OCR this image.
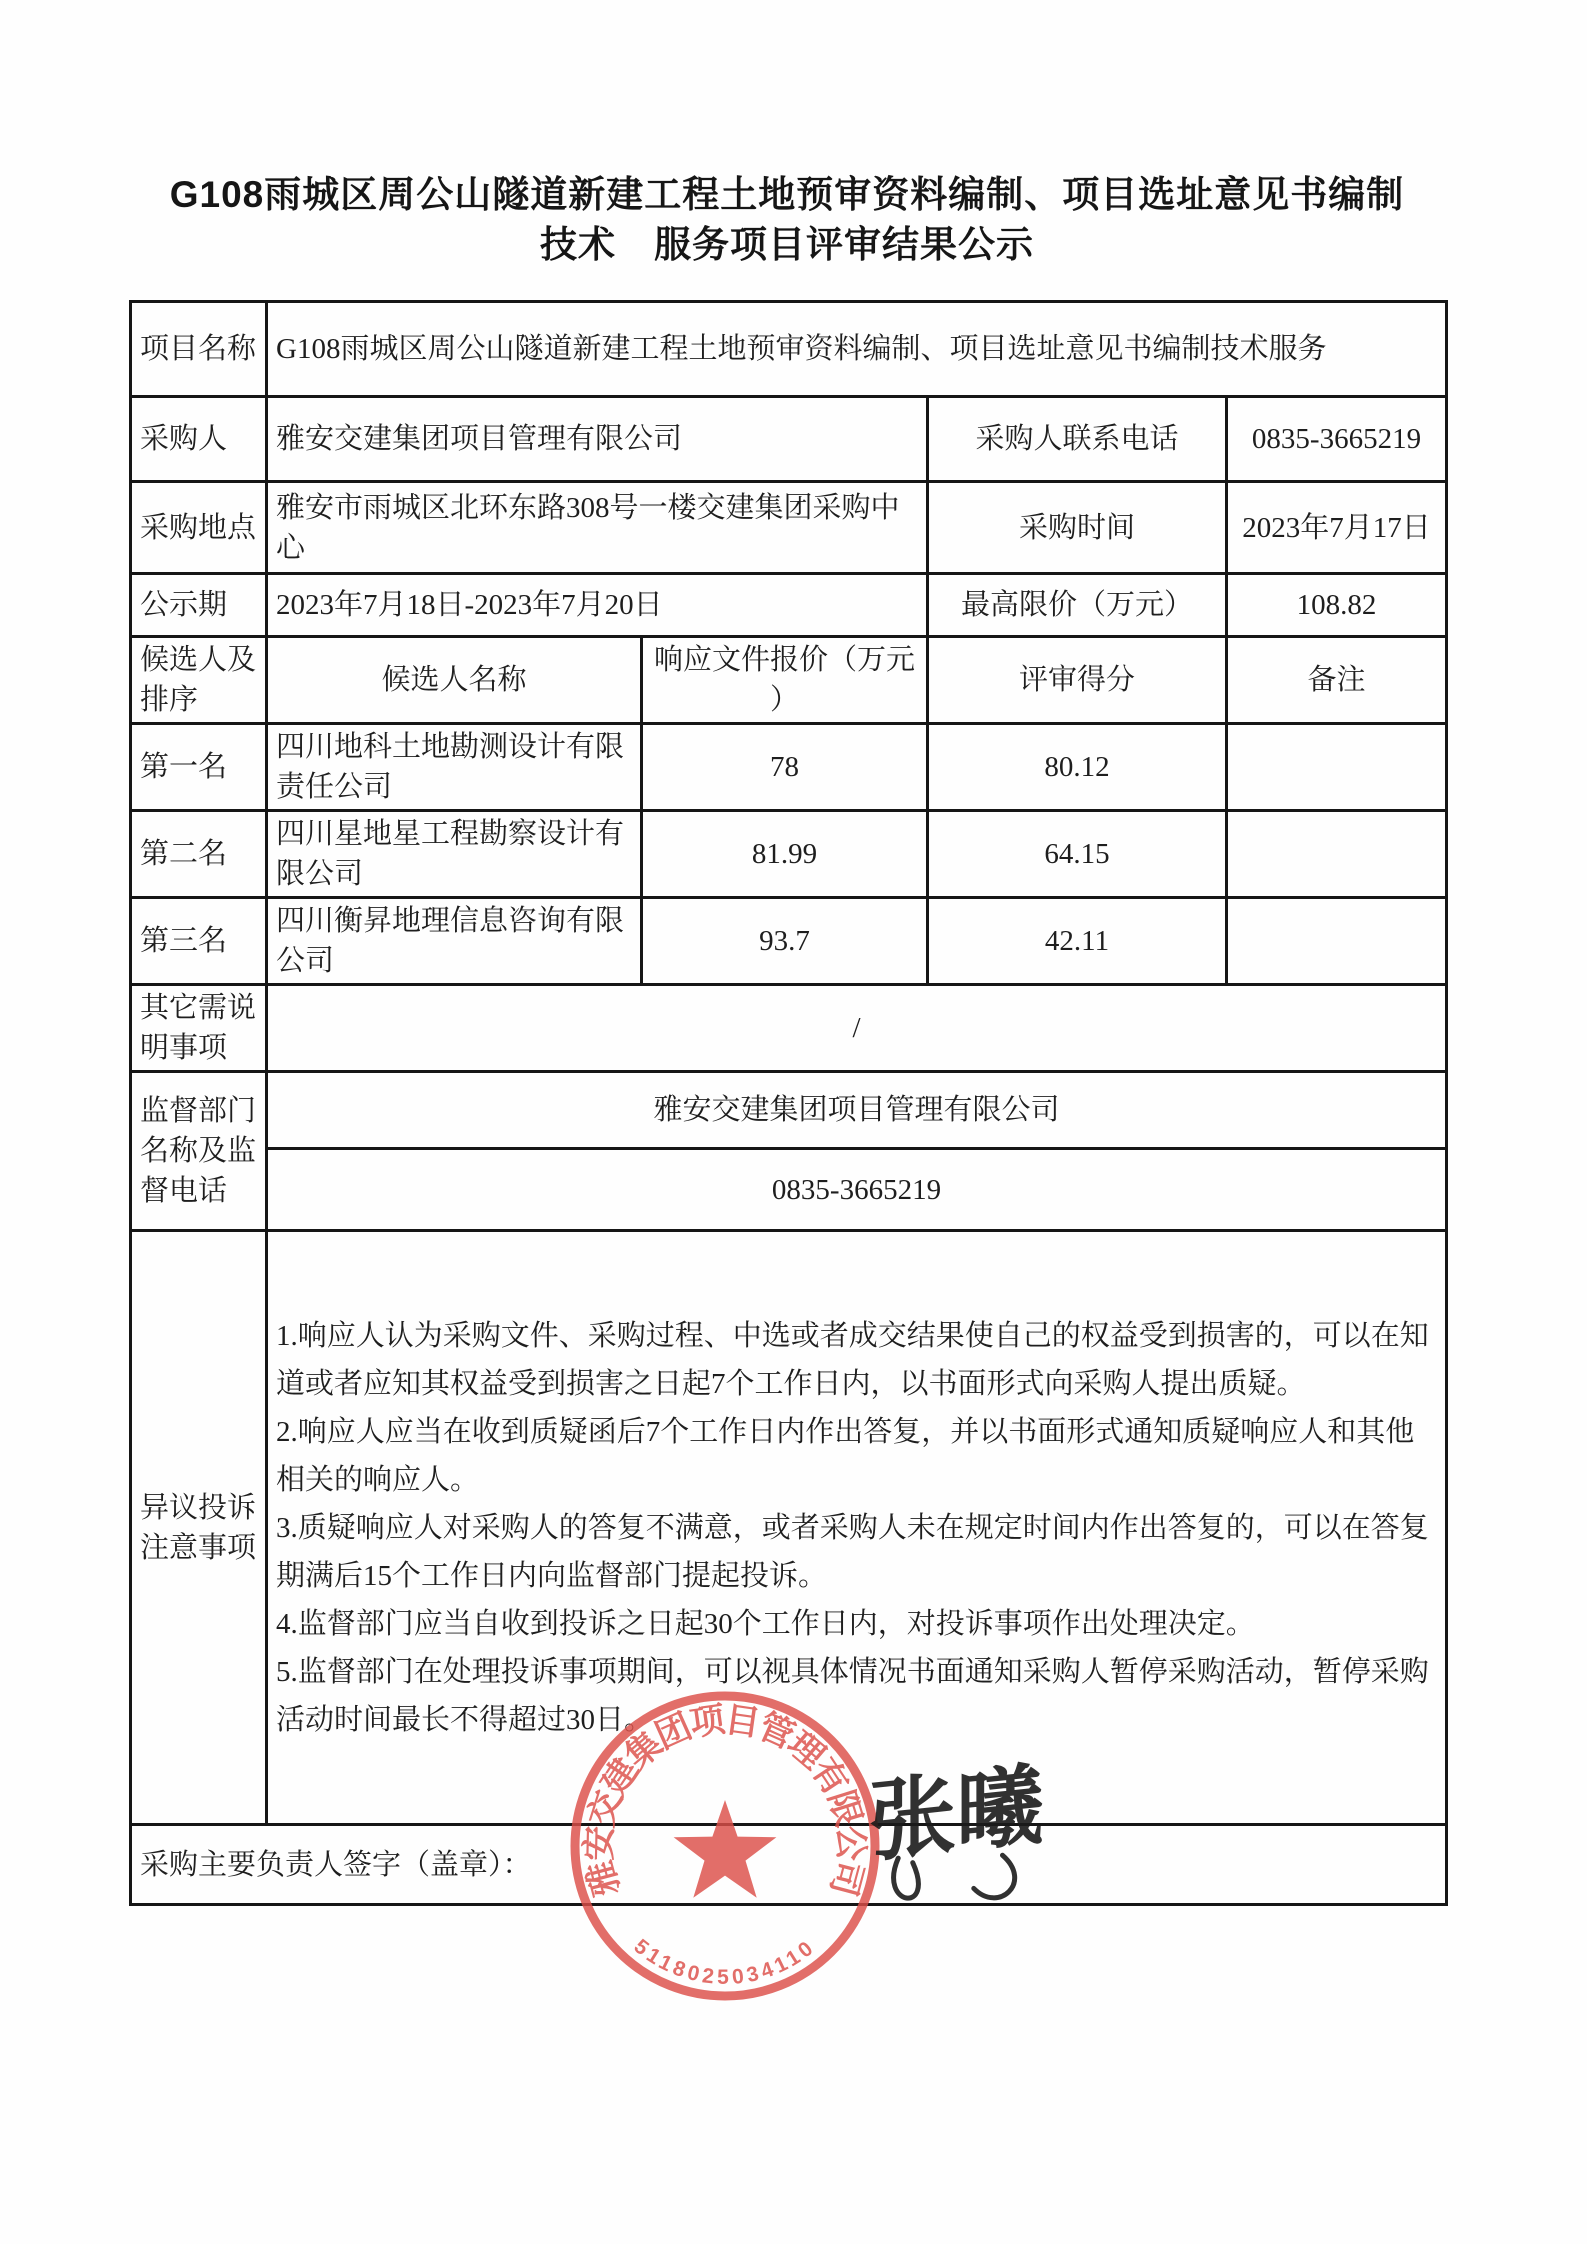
G108雨城区周公山隧道新建工程土地预审资料编制、项目选址意见书编制
技术　服务项目评审结果公示
项目名称	G108雨城区周公山隧道新建工程土地预审资料编制、项目选址意见书编制技术服务			
采购人	雅安交建集团项目管理有限公司		采购人联系电话	0835-3665219
采购地点	雅安市雨城区北环东路308号一楼交建集团采购中心		采购时间	2023年7月17日
公示期	2023年7月18日-2023年7月20日		最高限价（万元）	108.82
候选人及排序	候选人名称	响应文件报价（万元）	评审得分	备注
第一名	四川地科土地勘测设计有限责任公司	78	80.12	
第二名	四川星地星工程勘察设计有限公司	81.99	64.15	
第三名	四川衡昇地理信息咨询有限公司	93.7	42.11	
其它需说明事项	/			
监督部门名称及监督电话	雅安交建集团项目管理有限公司			
	0835-3665219			
异议投诉注意事项	1.响应人认为采购文件、采购过程、中选或者成交结果使自己的权益受到损害的，可以在知道或者应知其权益受到损害之日起7个工作日内，以书面形式向采购人提出质疑。

2.响应人应当在收到质疑函后7个工作日内作出答复，并以书面形式通知质疑响应人和其他相关的响应人。

3.质疑响应人对采购人的答复不满意，或者采购人未在规定时间内作出答复的，可以在答复期满后15个工作日内向监督部门提起投诉。

4.监督部门应当自收到投诉之日起30个工作日内，对投诉事项作出处理决定。

5.监督部门在处理投诉事项期间，可以视具体情况书面通知采购人暂停采购活动，暂停采购活动时间最长不得超过30日。			

采购主要负责人签字（盖章）：				雅安交建集团项目管理有限公司
5118025034110
张曦
